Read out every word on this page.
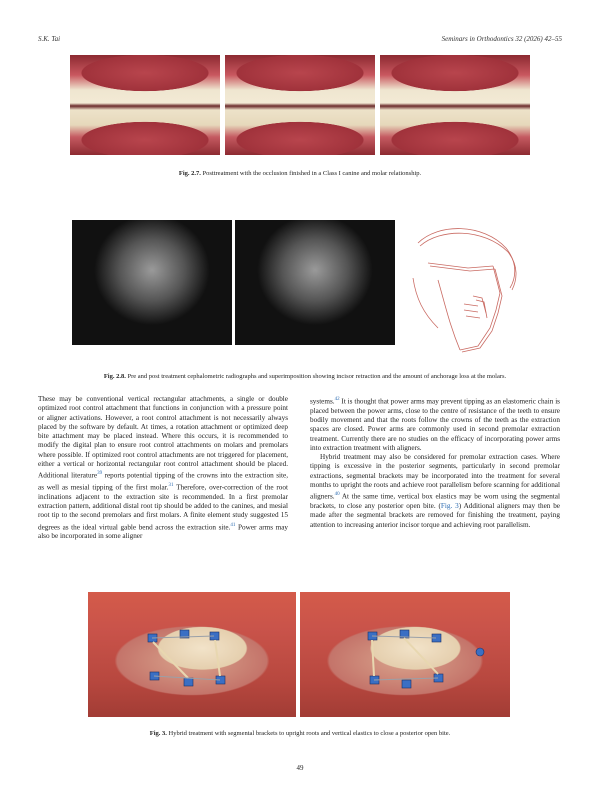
S.K. Tai	Seminars in Orthodontics 32 (2026) 42–55
Fig. 2.7. Posttreatment with the occlusion finished in a Class I canine and molar relationship.
Fig. 2.8. Pre and post treatment cephalometric radiographs and superimposition showing incisor retraction and the amount of anchorage loss at the molars.

These may be conventional vertical rectangular attachments, a single or double optimized root control attachment that functions in conjunction with a pressure point or aligner activations. However, a root control attachment is not necessarily always placed by the software by default. At times, a rotation attachment or optimized deep bite attachment may be placed instead. Where this occurs, it is recommended to modify the digital plan to ensure root control attachments on molars and premolars where possible. If optimized root control attachments are not triggered for placement, either a vertical or horizontal rectangular root control attachment should be placed. Additional literature$^{39}$ reports potential tipping of the crowns into the extraction site, as well as mesial tipping of the first molar.$^{31}$ Therefore, over-correction of the root inclinations adjacent to the extraction site is recommended. In a first premolar extraction pattern, additional distal root tip should be added to the canines, and mesial root tip to the second premolars and first molars. A finite element study suggested 15 degrees as the ideal virtual gable bend across the extraction site.$^{41}$ Power arms may also be incorporated in some aligner

systems.$^{42}$ It is thought that power arms may prevent tipping as an elastomeric chain is placed between the power arms, close to the centre of resistance of the teeth to ensure bodily movement and that the roots follow the crowns of the teeth as the extraction spaces are closed. Power arms are commonly used in second premolar extraction treatment. Currently there are no studies on the efficacy of incorporating power arms into extraction treatment with aligners.

Hybrid treatment may also be considered for premolar extraction cases. Where tipping is excessive in the posterior segments, particularly in second premolar extractions, segmental brackets may be incorporated into the treatment for several months to upright the roots and achieve root parallelism before scanning for additional aligners.$^{40}$ At the same time, vertical box elastics may be worn using the segmental brackets, to close any posterior open bite. (Fig. 3) Additional aligners may then be made after the segmental brackets are removed for finishing the treatment, paying attention to increasing anterior incisor torque and achieving root parallelism.

Fig. 3. Hybrid treatment with segmental brackets to upright roots and vertical elastics to close a posterior open bite.
49
